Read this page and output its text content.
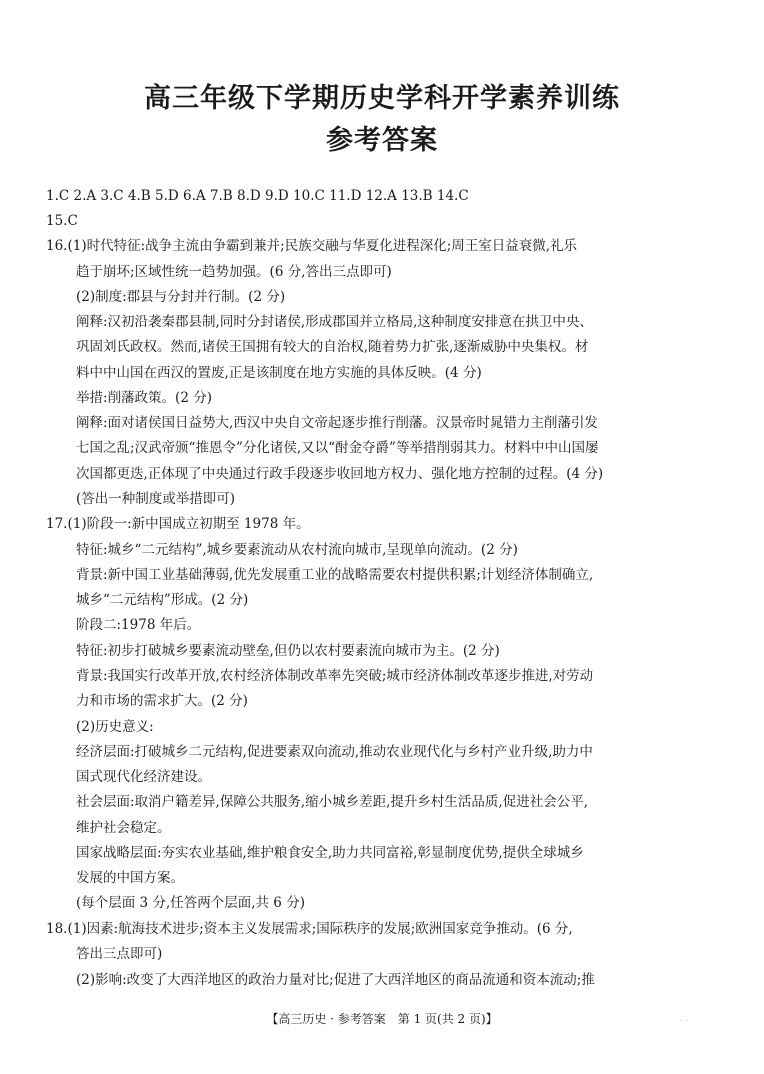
高三年级下学期历史学科开学素养训练
参考答案
1.C 2.A 3.C 4.B 5.D 6.A 7.B 8.D 9.D 10.C 11.D 12.A 13.B 14.C
15.C
16.(1)时代特征:战争主流由争霸到兼并;民族交融与华夏化进程深化;周王室日益衰微,礼乐
趋于崩坏;区域性统一趋势加强。(6 分,答出三点即可)
(2)制度:郡县与分封并行制。(2 分)
阐释:汉初沿袭秦郡县制,同时分封诸侯,形成郡国并立格局,这种制度安排意在拱卫中央、
巩固刘氏政权。然而,诸侯王国拥有较大的自治权,随着势力扩张,逐渐威胁中央集权。材
料中中山国在西汉的置废,正是该制度在地方实施的具体反映。(4 分)
举措:削藩政策。(2 分)
阐释:面对诸侯国日益势大,西汉中央自文帝起逐步推行削藩。汉景帝时晁错力主削藩引发
七国之乱;汉武帝颁“推恩令”分化诸侯,又以“酎金夺爵”等举措削弱其力。材料中中山国屡
次国都更迭,正体现了中央通过行政手段逐步收回地方权力、强化地方控制的过程。(4 分)
(答出一种制度或举措即可)
17.(1)阶段一:新中国成立初期至 1978 年。
特征:城乡“二元结构”,城乡要素流动从农村流向城市,呈现单向流动。(2 分)
背景:新中国工业基础薄弱,优先发展重工业的战略需要农村提供积累;计划经济体制确立,
城乡“二元结构”形成。(2 分)
阶段二:1978 年后。
特征:初步打破城乡要素流动壁垒,但仍以农村要素流向城市为主。(2 分)
背景:我国实行改革开放,农村经济体制改革率先突破;城市经济体制改革逐步推进,对劳动
力和市场的需求扩大。(2 分)
(2)历史意义:
经济层面:打破城乡二元结构,促进要素双向流动,推动农业现代化与乡村产业升级,助力中
国式现代化经济建设。
社会层面:取消户籍差异,保障公共服务,缩小城乡差距,提升乡村生活品质,促进社会公平,
维护社会稳定。
国家战略层面:夯实农业基础,维护粮食安全,助力共同富裕,彰显制度优势,提供全球城乡
发展的中国方案。
(每个层面 3 分,任答两个层面,共 6 分)
18.(1)因素:航海技术进步;资本主义发展需求;国际秩序的发展;欧洲国家竞争推动。(6 分,
答出三点即可)
(2)影响:改变了大西洋地区的政治力量对比;促进了大西洋地区的商品流通和资本流动;推
【高三历史 · 参考答案　第 1 页(共 2 页)】	. .
